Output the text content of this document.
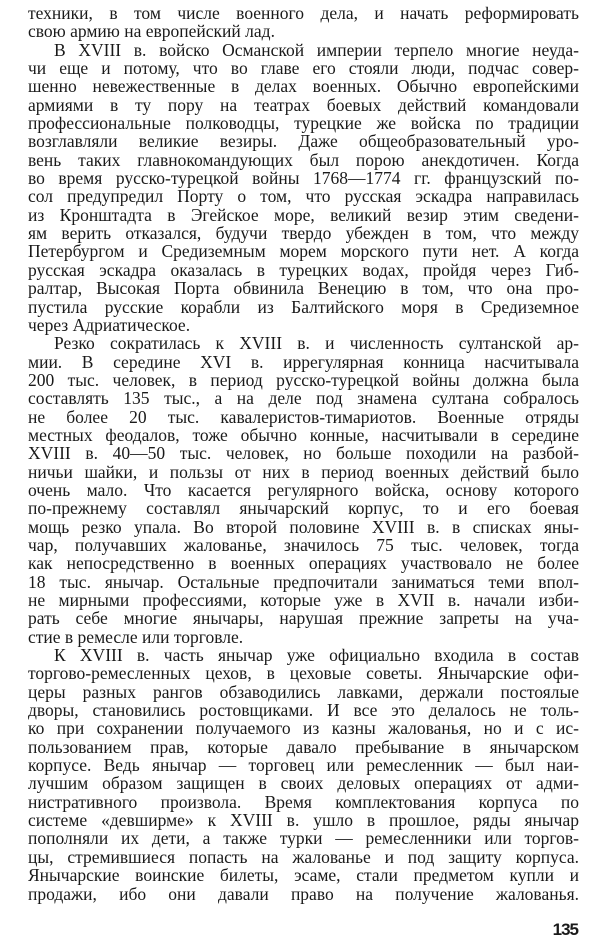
техники, в том числе военного дела, и начать реформировать
свою армию на европейский лад.
В XVIII в. войско Османской империи терпело многие неуда-
чи еще и потому, что во главе его стояли люди, подчас совер-
шенно невежественные в делах военных. Обычно европейскими
армиями в ту пору на театрах боевых действий командовали
профессиональные полководцы, турецкие же войска по традиции
возглавляли великие везиры. Даже общеобразовательный уро-
вень таких главнокомандующих был порою анекдотичен. Когда
во время русско-турецкой войны 1768—1774 гг. французский по-
сол предупредил Порту о том, что русская эскадра направилась
из Кронштадта в Эгейское море, великий везир этим сведени-
ям верить отказался, будучи твердо убежден в том, что между
Петербургом и Средиземным морем морского пути нет. А когда
русская эскадра оказалась в турецких водах, пройдя через Гиб-
ралтар, Высокая Порта обвинила Венецию в том, что она про-
пустила русские корабли из Балтийского моря в Средиземное
через Адриатическое.
Резко сократилась к XVIII в. и численность султанской ар-
мии. В середине XVI в. иррегулярная конница насчитывала
200 тыс. человек, в период русско-турецкой войны должна была
составлять 135 тыс., а на деле под знамена султана собралось
не более 20 тыс. кавалеристов-тимариотов. Военные отряды
местных феодалов, тоже обычно конные, насчитывали в середине
XVIII в. 40—50 тыс. человек, но больше походили на разбой-
ничьи шайки, и пользы от них в период военных действий было
очень мало. Что касается регулярного войска, основу которого
по-прежнему составлял янычарский корпус, то и его боевая
мощь резко упала. Во второй половине XVIII в. в списках яны-
чар, получавших жалованье, значилось 75 тыс. человек, тогда
как непосредственно в военных операциях участвовало не более
18 тыс. янычар. Остальные предпочитали заниматься теми впол-
не мирными профессиями, которые уже в XVII в. начали изби-
рать себе многие янычары, нарушая прежние запреты на уча-
стие в ремесле или торговле.
К XVIII в. часть янычар уже официально входила в состав
торгово-ремесленных цехов, в цеховые советы. Янычарские офи-
церы разных рангов обзаводились лавками, держали постоялые
дворы, становились ростовщиками. И все это делалось не толь-
ко при сохранении получаемого из казны жалованья, но и с ис-
пользованием прав, которые давало пребывание в янычарском
корпусе. Ведь янычар — торговец или ремесленник — был наи-
лучшим образом защищен в своих деловых операциях от адми-
нистративного произвола. Время комплектования корпуса по
системе «девширме» к XVIII в. ушло в прошлое, ряды янычар
пополняли их дети, а также турки — ремесленники или торгов-
цы, стремившиеся попасть на жалованье и под защиту корпуса.
Янычарские воинские билеты, эсаме, стали предметом купли и
продажи, ибо они давали право на получение жалованья.
135
